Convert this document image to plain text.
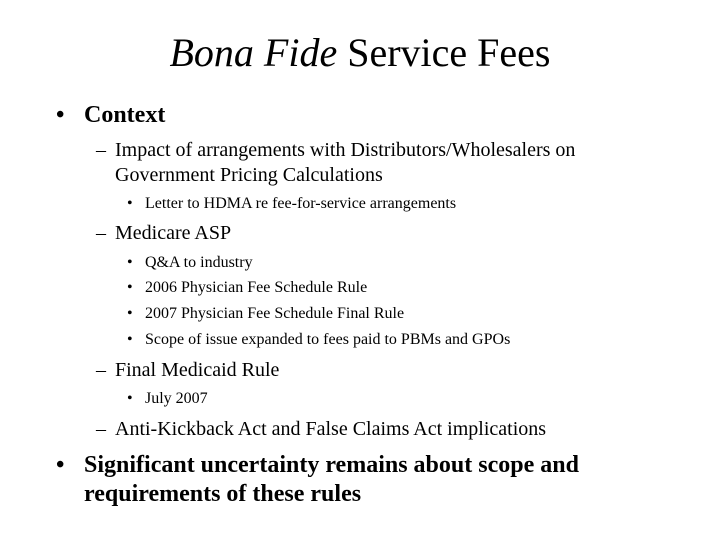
Bona Fide Service Fees
• Context
– Impact of arrangements with Distributors/Wholesalers on
Government Pricing Calculations
• Letter to HDMA re fee-for-service arrangements
– Medicare ASP
• Q&A to industry
• 2006 Physician Fee Schedule Rule
• 2007 Physician Fee Schedule Final Rule
• Scope of issue expanded to fees paid to PBMs and GPOs
– Final Medicaid Rule
• July 2007
– Anti-Kickback Act and False Claims Act implications
• Significant uncertainty remains about scope and
requirements of these rules
